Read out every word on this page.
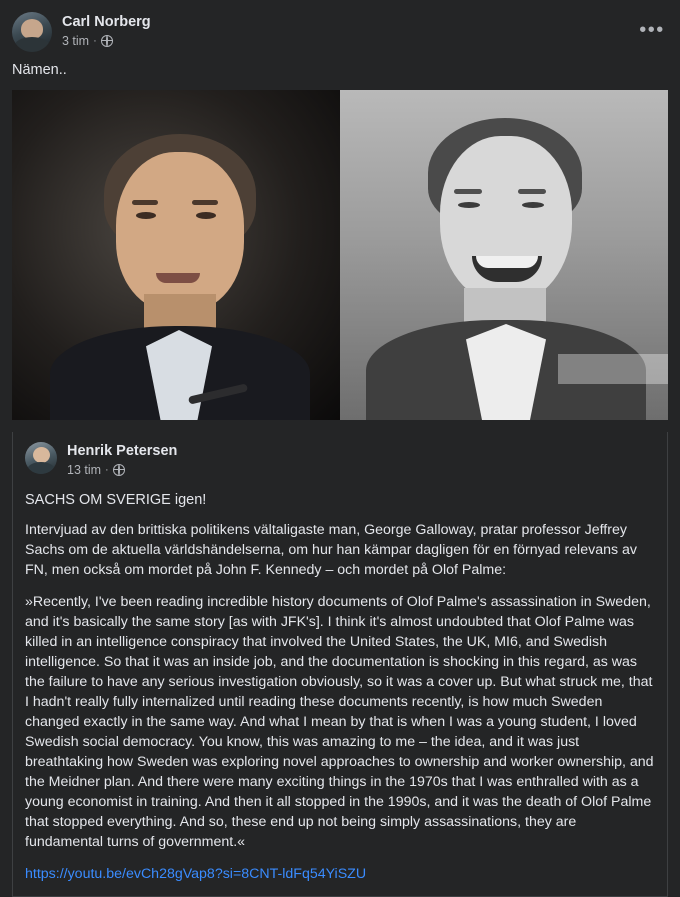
Carl Norberg
3 tim ·	•••
Nämen..
Henrik Petersen
13 tim ·
SACHS OM SVERIGE igen!

Intervjuad av den brittiska politikens vältaligaste man, George Galloway, pratar professor Jeffrey Sachs om de aktuella världshändelserna, om hur han kämpar dagligen för en förnyad relevans av FN, men också om mordet på John F. Kennedy – och mordet på Olof Palme:

»Recently, I've been reading incredible history documents of Olof Palme's assassination in Sweden, and it's basically the same story [as with JFK's]. I think it's almost undoubted that Olof Palme was killed in an intelligence conspiracy that involved the United States, the UK, MI6, and Swedish intelligence. So that it was an inside job, and the documentation is shocking in this regard, as was the failure to have any serious investigation obviously, so it was a cover up. But what struck me, that I hadn't really fully internalized until reading these documents recently, is how much Sweden changed exactly in the same way. And what I mean by that is when I was a young student, I loved Swedish social democracy. You know, this was amazing to me – the idea, and it was just breathtaking how Sweden was exploring novel approaches to ownership and worker ownership, and the Meidner plan. And there were many exciting things in the 1970s that I was enthralled with as a young economist in training. And then it all stopped in the 1990s, and it was the death of Olof Palme that stopped everything. And so, these end up not being simply assassinations, they are fundamental turns of government.«

https://youtu.be/evCh28gVap8?si=8CNT-ldFq54YiSZU
